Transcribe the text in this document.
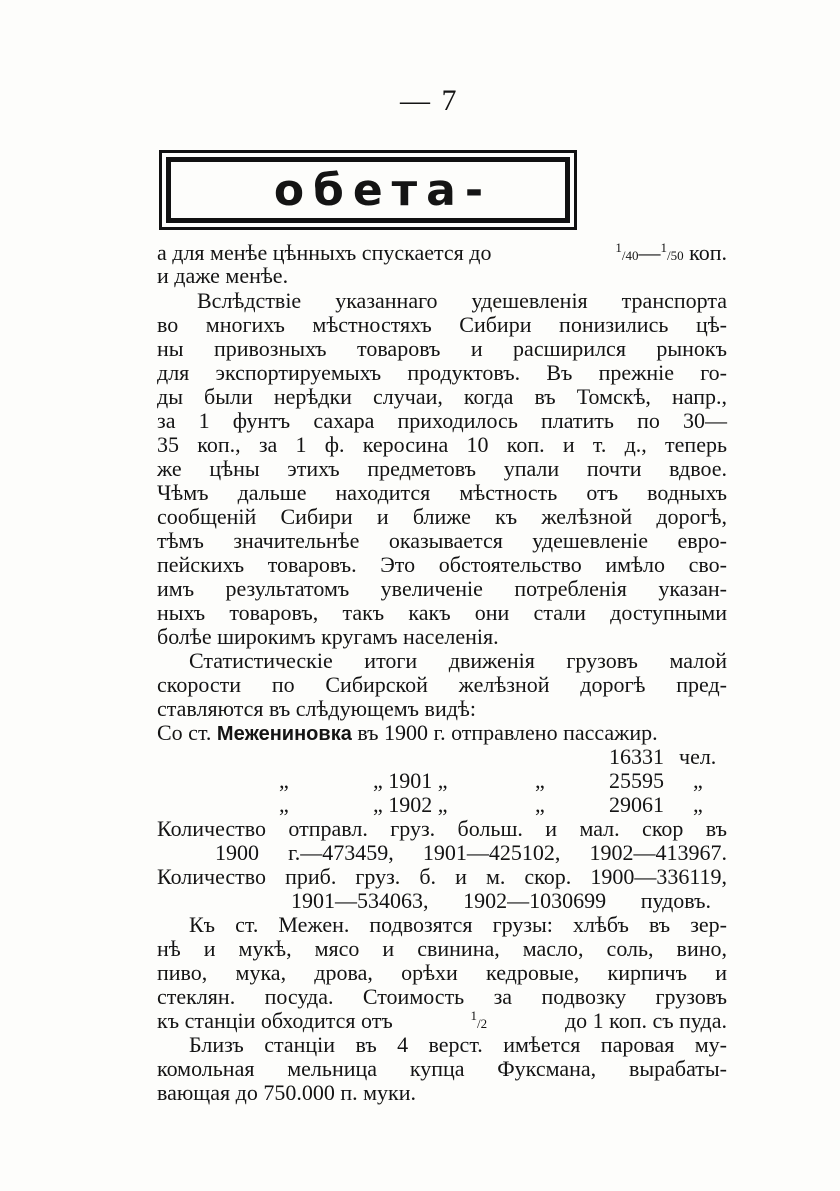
— 7
обета-
а для менѣе цѣнныхъ спускается до	$^1$/40—$^1$/50 коп.
и даже менѣе.
Вслѣдствіе указаннаго удешевленія транспорта
во многихъ мѣстностяхъ Сибири понизились цѣ-
ны привозныхъ товаровъ и расширился рынокъ
для экспортируемыхъ продуктовъ. Въ прежніе го-
ды были нерѣдки случаи, когда въ Томскѣ, напр.,
за 1 фунтъ сахара приходилось платить по 30—
35 коп., за 1 ф. керосина 10 коп. и т. д., теперь
же цѣны этихъ предметовъ упали почти вдвое.
Чѣмъ дальше находится мѣстность отъ водныхъ
сообщеній Сибири и ближе къ желѣзной дорогѣ,
тѣмъ значительнѣе оказывается удешевленіе евро-
пейскихъ товаровъ. Это обстоятельство имѣло сво-
имъ результатомъ увеличеніе потребленія указан-
ныхъ товаровъ, такъ какъ они стали доступными
болѣе широкимъ кругамъ населенія.
Статистическіе итоги движенія грузовъ малой
скорости по Сибирской желѣзной дорогѣ пред-
ставляются въ слѣдующемъ видѣ:
Со ст. Мeжениновка въ 1900 г. отправлено пассажир.
16331 чел.
„	„ 1901 „	„	25595 „
„	„ 1902 „	„	29061 „
Количество отправл. груз. больш. и мал. скор въ
1900 г.—473459, 1901—425102, 1902—413967.
Количество приб. груз. б. и м. скор. 1900—336119,
1901—534063, 1902—1030699 пудовъ.
Къ ст. Межен. подвозятся грузы: хлѣбъ въ зер-
нѣ и мукѣ, мясо и свинина, масло, соль, вино,
пиво, мука, дрова, орѣхи кедровые, кирпичъ и
стеклян. посуда. Стоимость за подвозку грузовъ
къ станціи обходится отъ	$^1$/2	до 1 коп. съ пуда.
Близъ станціи въ 4 верст. имѣется паровая му-
комольная мельница купца Фуксмана, вырабаты-
вающая до 750.000 п. муки.
